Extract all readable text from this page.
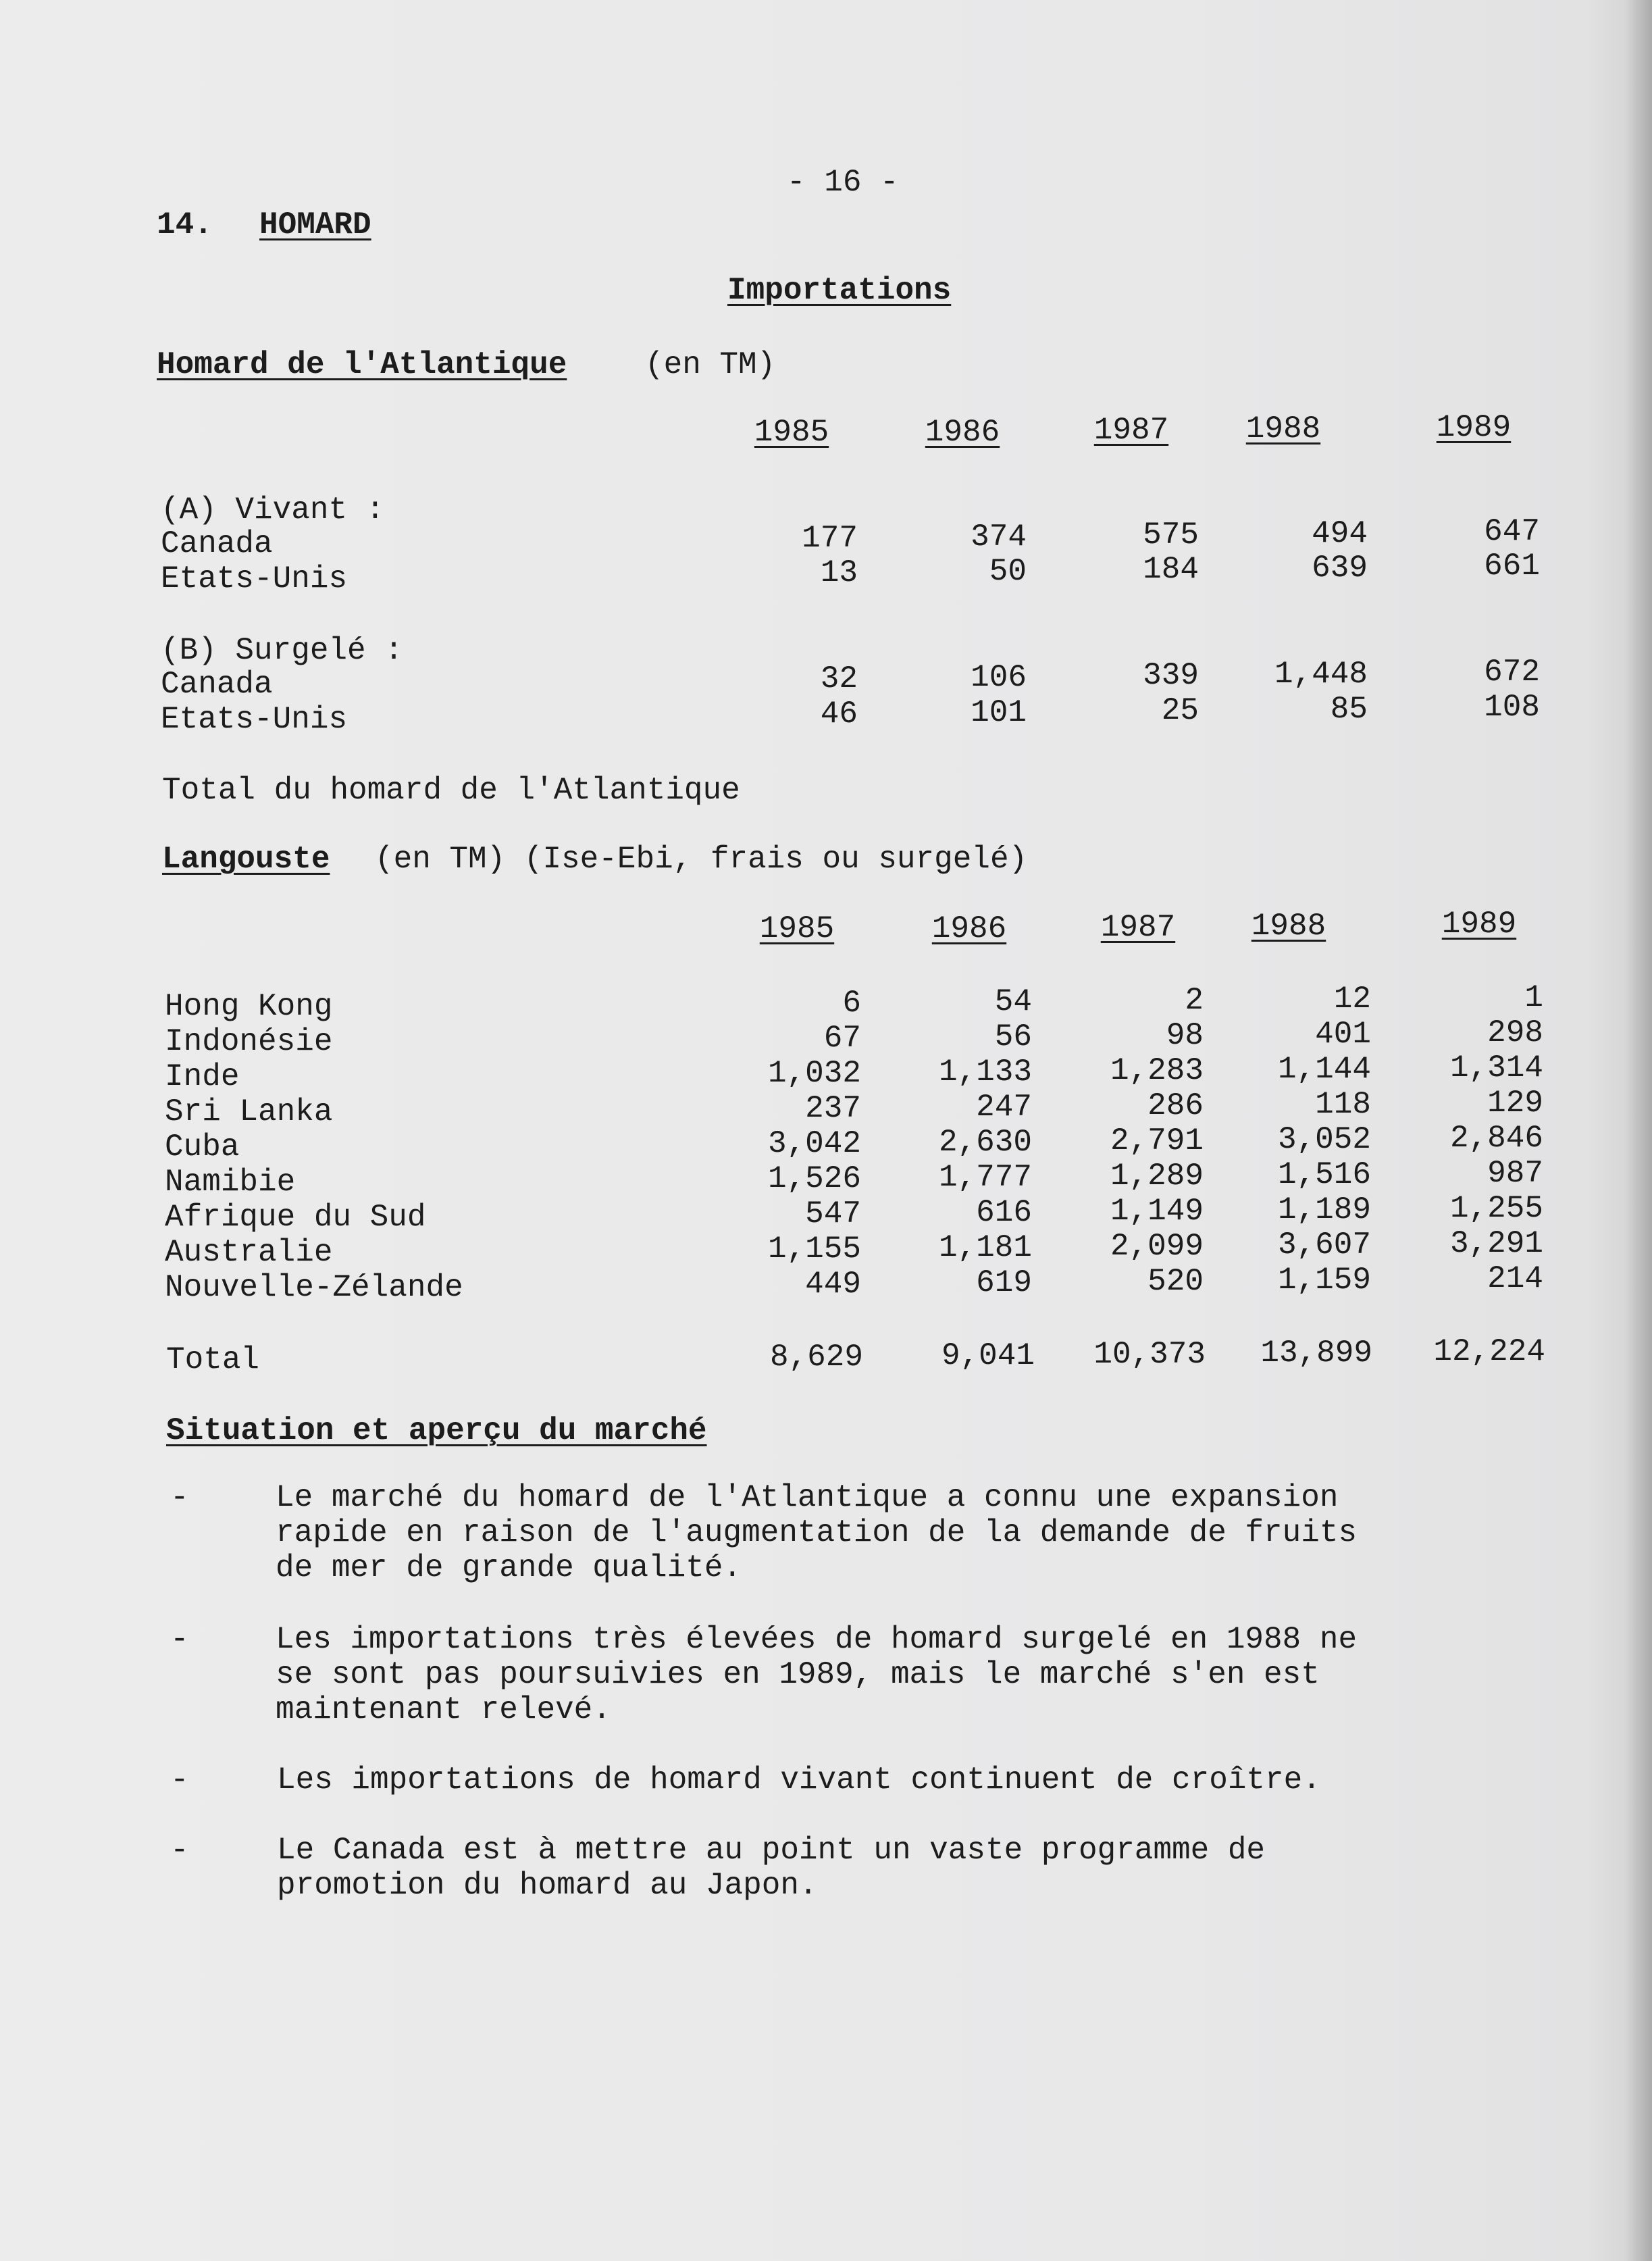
- 16 -
14. HOMARD
Importations
Homard de l'Atlantique	(en TM)
1985	1986	1987	1988	1989
(A) Vivant :
Canada	177	374	575	494	647
Etats-Unis	13	50	184	639	661
(B) Surgelé :
Canada	32	106	339	1,448	672
Etats-Unis	46	101	25	85	108
Total du homard de l'Atlantique
Langouste (en TM) (Ise-Ebi, frais ou surgelé)
1985	1986	1987	1988	1989
Hong Kong	6	54	2	12	1
Indonésie	67	56	98	401	298
Inde	1,032	1,133	1,283	1,144	1,314
Sri Lanka	237	247	286	118	129
Cuba	3,042	2,630	2,791	3,052	2,846
Namibie	1,526	1,777	1,289	1,516	987
Afrique du Sud	547	616	1,149	1,189	1,255
Australie	1,155	1,181	2,099	3,607	3,291
Nouvelle-Zélande	449	619	520	1,159	214
Total	8,629	9,041	10,373	13,899	12,224
Situation et aperçu du marché
-	Le marché du homard de l'Atlantique a connu une expansion
rapide en raison de l'augmentation de la demande de fruits
de mer de grande qualité.
-	Les importations très élevées de homard surgelé en 1988 ne
se sont pas poursuivies en 1989, mais le marché s'en est
maintenant relevé.
-	Les importations de homard vivant continuent de croître.
-	Le Canada est à mettre au point un vaste programme de
promotion du homard au Japon.
